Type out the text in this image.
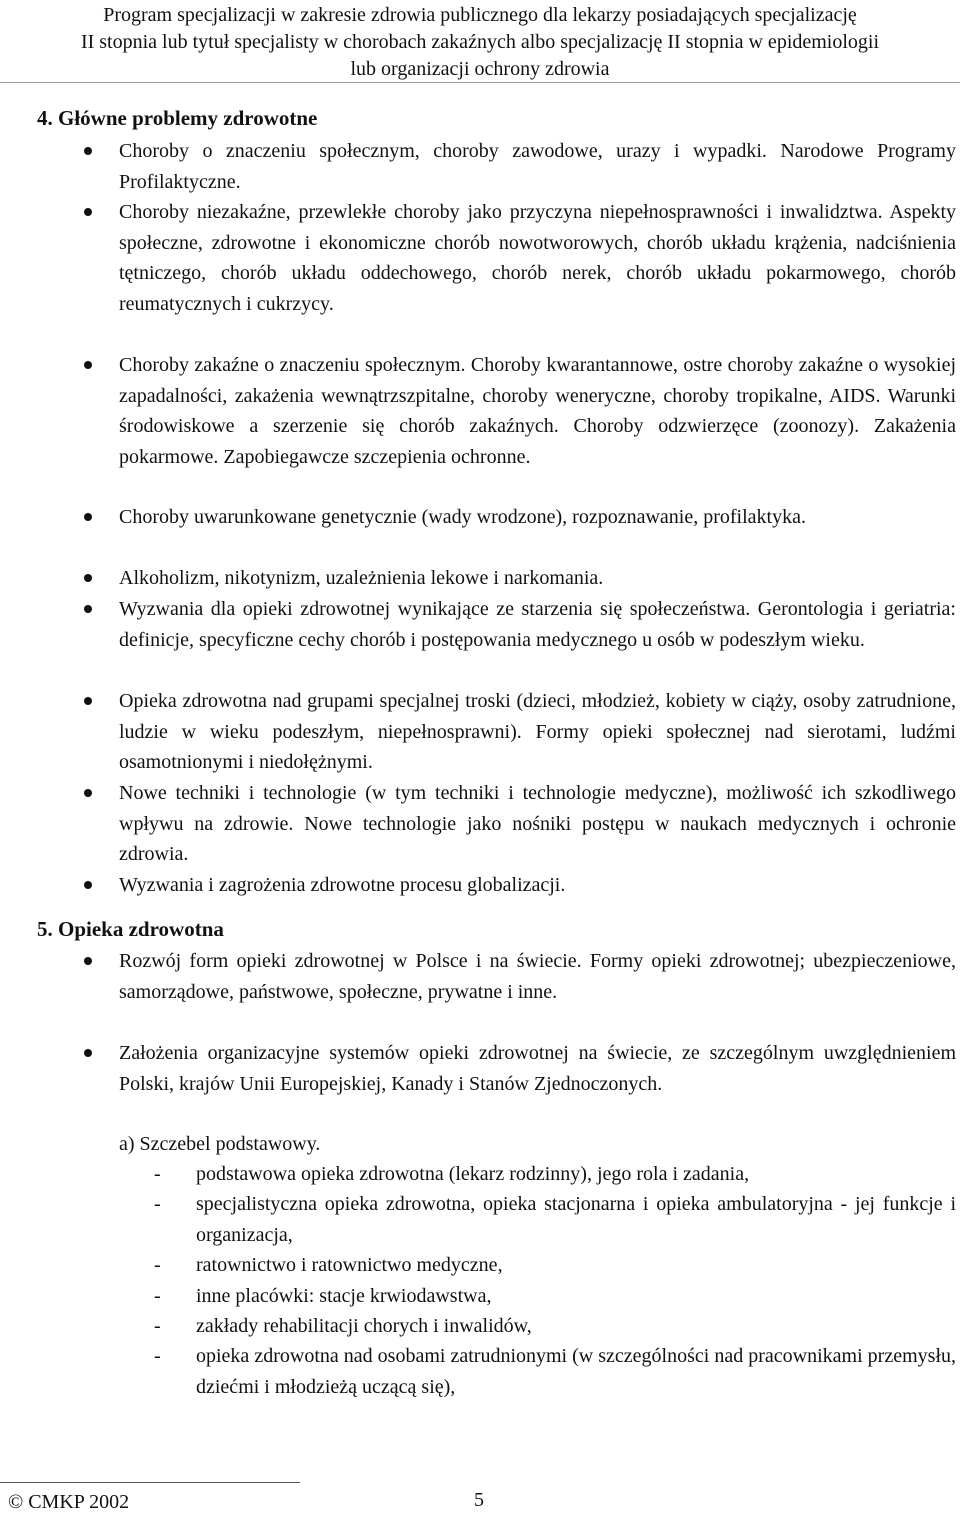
Program specjalizacji w zakresie zdrowia publicznego dla lekarzy posiadających specjalizację
II stopnia lub tytuł specjalisty w chorobach zakaźnych albo specjalizację II stopnia w epidemiologii
lub organizacji ochrony zdrowia
4. Główne problemy zdrowotne
Choroby o znaczeniu społecznym, choroby zawodowe, urazy i wypadki. Narodowe Programy Profilaktyczne.
Choroby niezakaźne, przewlekłe choroby jako przyczyna niepełnosprawności i inwalidztwa. Aspekty społeczne, zdrowotne i ekonomiczne chorób nowotworowych, chorób układu krążenia, nadciśnienia tętniczego, chorób układu oddechowego, chorób nerek, chorób układu pokarmowego, chorób reumatycznych i cukrzycy.
Choroby zakaźne o znaczeniu społecznym. Choroby kwarantannowe, ostre choroby zakaźne o wysokiej zapadalności, zakażenia wewnątrzszpitalne, choroby weneryczne, choroby tropikalne, AIDS. Warunki środowiskowe a szerzenie się chorób zakaźnych. Choroby odzwierzęce (zoonozy). Zakażenia pokarmowe. Zapobiegawcze szczepienia ochronne.
Choroby uwarunkowane genetycznie (wady wrodzone), rozpoznawanie, profilaktyka.
Alkoholizm, nikotynizm, uzależnienia lekowe i narkomania.
Wyzwania dla opieki zdrowotnej wynikające ze starzenia się społeczeństwa. Gerontologia i geriatria: definicje, specyficzne cechy chorób i postępowania medycznego u osób w podeszłym wieku.
Opieka zdrowotna nad grupami specjalnej troski (dzieci, młodzież, kobiety w ciąży, osoby zatrudnione, ludzie w wieku podeszłym, niepełnosprawni). Formy opieki społecznej nad sierotami, ludźmi osamotnionymi i niedołężnymi.
Nowe techniki i technologie (w tym techniki i technologie medyczne), możliwość ich szkodliwego wpływu na zdrowie. Nowe technologie jako nośniki postępu w naukach medycznych i ochronie zdrowia.
Wyzwania i zagrożenia zdrowotne procesu globalizacji.
5. Opieka zdrowotna
Rozwój form opieki zdrowotnej w Polsce i na świecie. Formy opieki zdrowotnej; ubezpieczeniowe, samorządowe, państwowe, społeczne, prywatne i inne.
Założenia organizacyjne systemów opieki zdrowotnej na świecie, ze szczególnym uwzględnieniem Polski, krajów Unii Europejskiej, Kanady i Stanów Zjednoczonych.
a) Szczebel podstawowy.
- podstawowa opieka zdrowotna (lekarz rodzinny), jego rola i zadania,
- specjalistyczna opieka zdrowotna, opieka stacjonarna i opieka ambulatoryjna - jej funkcje i organizacja,
- ratownictwo i ratownictwo medyczne,
- inne placówki: stacje krwiodawstwa,
- zakłady rehabilitacji chorych i inwalidów,
- opieka zdrowotna nad osobami zatrudnionymi (w szczególności nad pracownikami przemysłu, dziećmi i młodzieżą uczącą się),
© CMKP 2002	5
